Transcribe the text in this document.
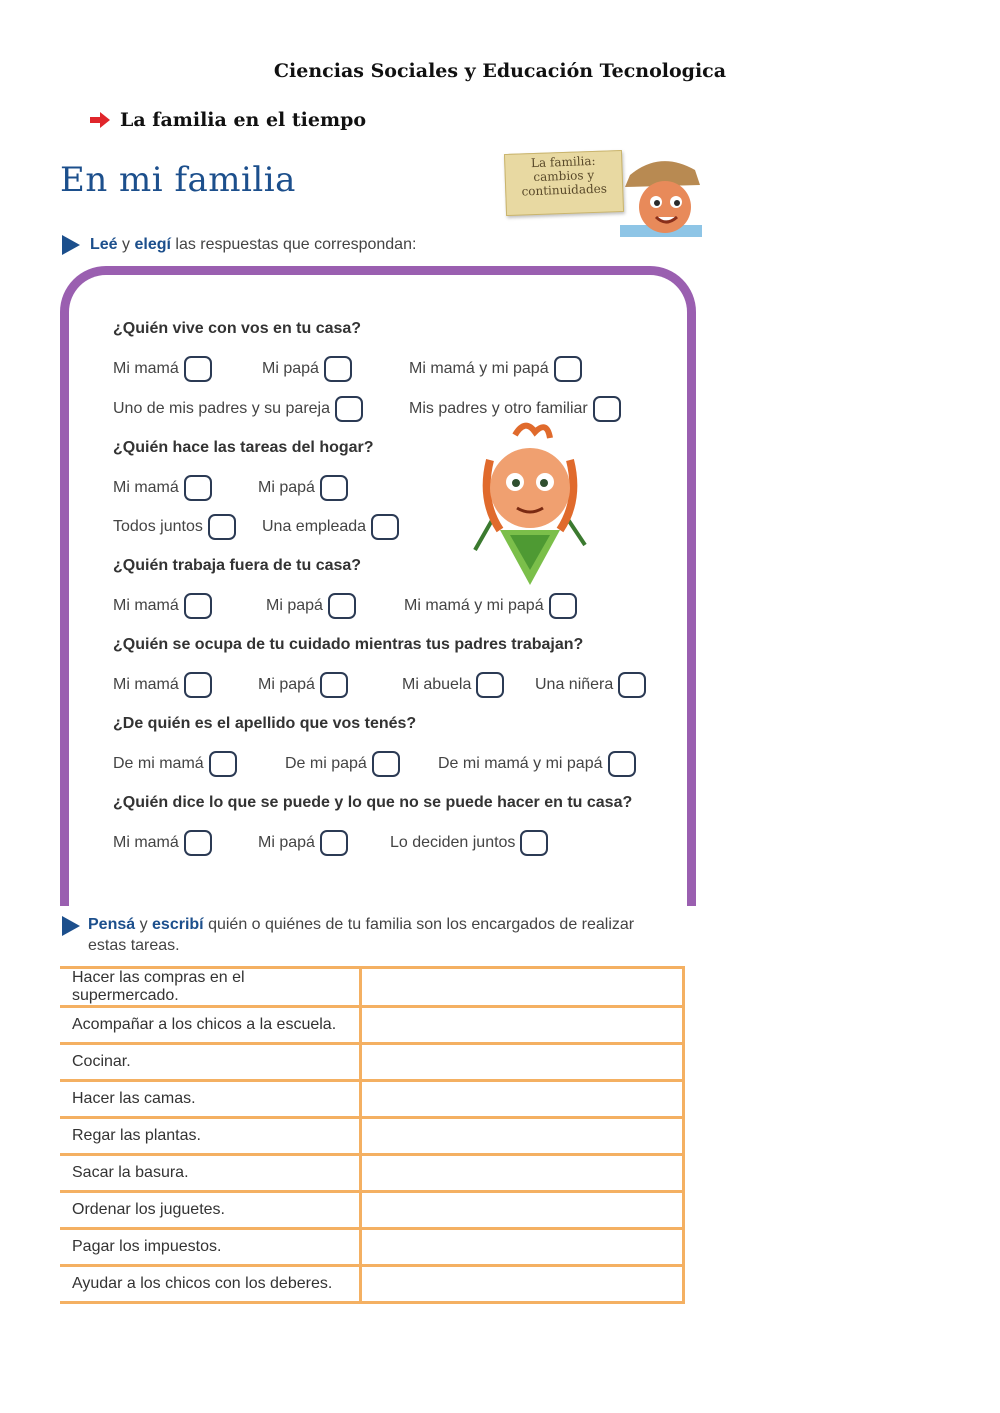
Ciencias Sociales y Educación Tecnologica
La familia en el tiempo
En mi familia	La familia:
cambios y
continuidades
Leé y elegí las respuestas que correspondan:
¿Quién vive con vos en tu casa?
Mi mamá	Mi papá	Mi mamá y mi papá
Uno de mis padres y su pareja	Mis padres y otro familiar
¿Quién hace las tareas del hogar?
Mi mamá	Mi papá
Todos juntos	Una empleada
¿Quién trabaja fuera de tu casa?
Mi mamá	Mi papá	Mi mamá y mi papá
¿Quién se ocupa de tu cuidado mientras tus padres trabajan?
Mi mamá	Mi papá	Mi abuela	Una niñera
¿De quién es el apellido que vos tenés?
De mi mamá	De mi papá	De mi mamá y mi papá
¿Quién dice lo que se puede y lo que no se puede hacer en tu casa?
Mi mamá	Mi papá	Lo deciden juntos
Pensá y escribí quién o quiénes de tu familia son los encargados de realizar
estas tareas.
Hacer las compras en el supermercado.	
Acompañar a los chicos a la escuela.	
Cocinar.	
Hacer las camas.	
Regar las plantas.	
Sacar la basura.	
Ordenar los juguetes.	
Pagar los impuestos.	
Ayudar a los chicos con los deberes.	
